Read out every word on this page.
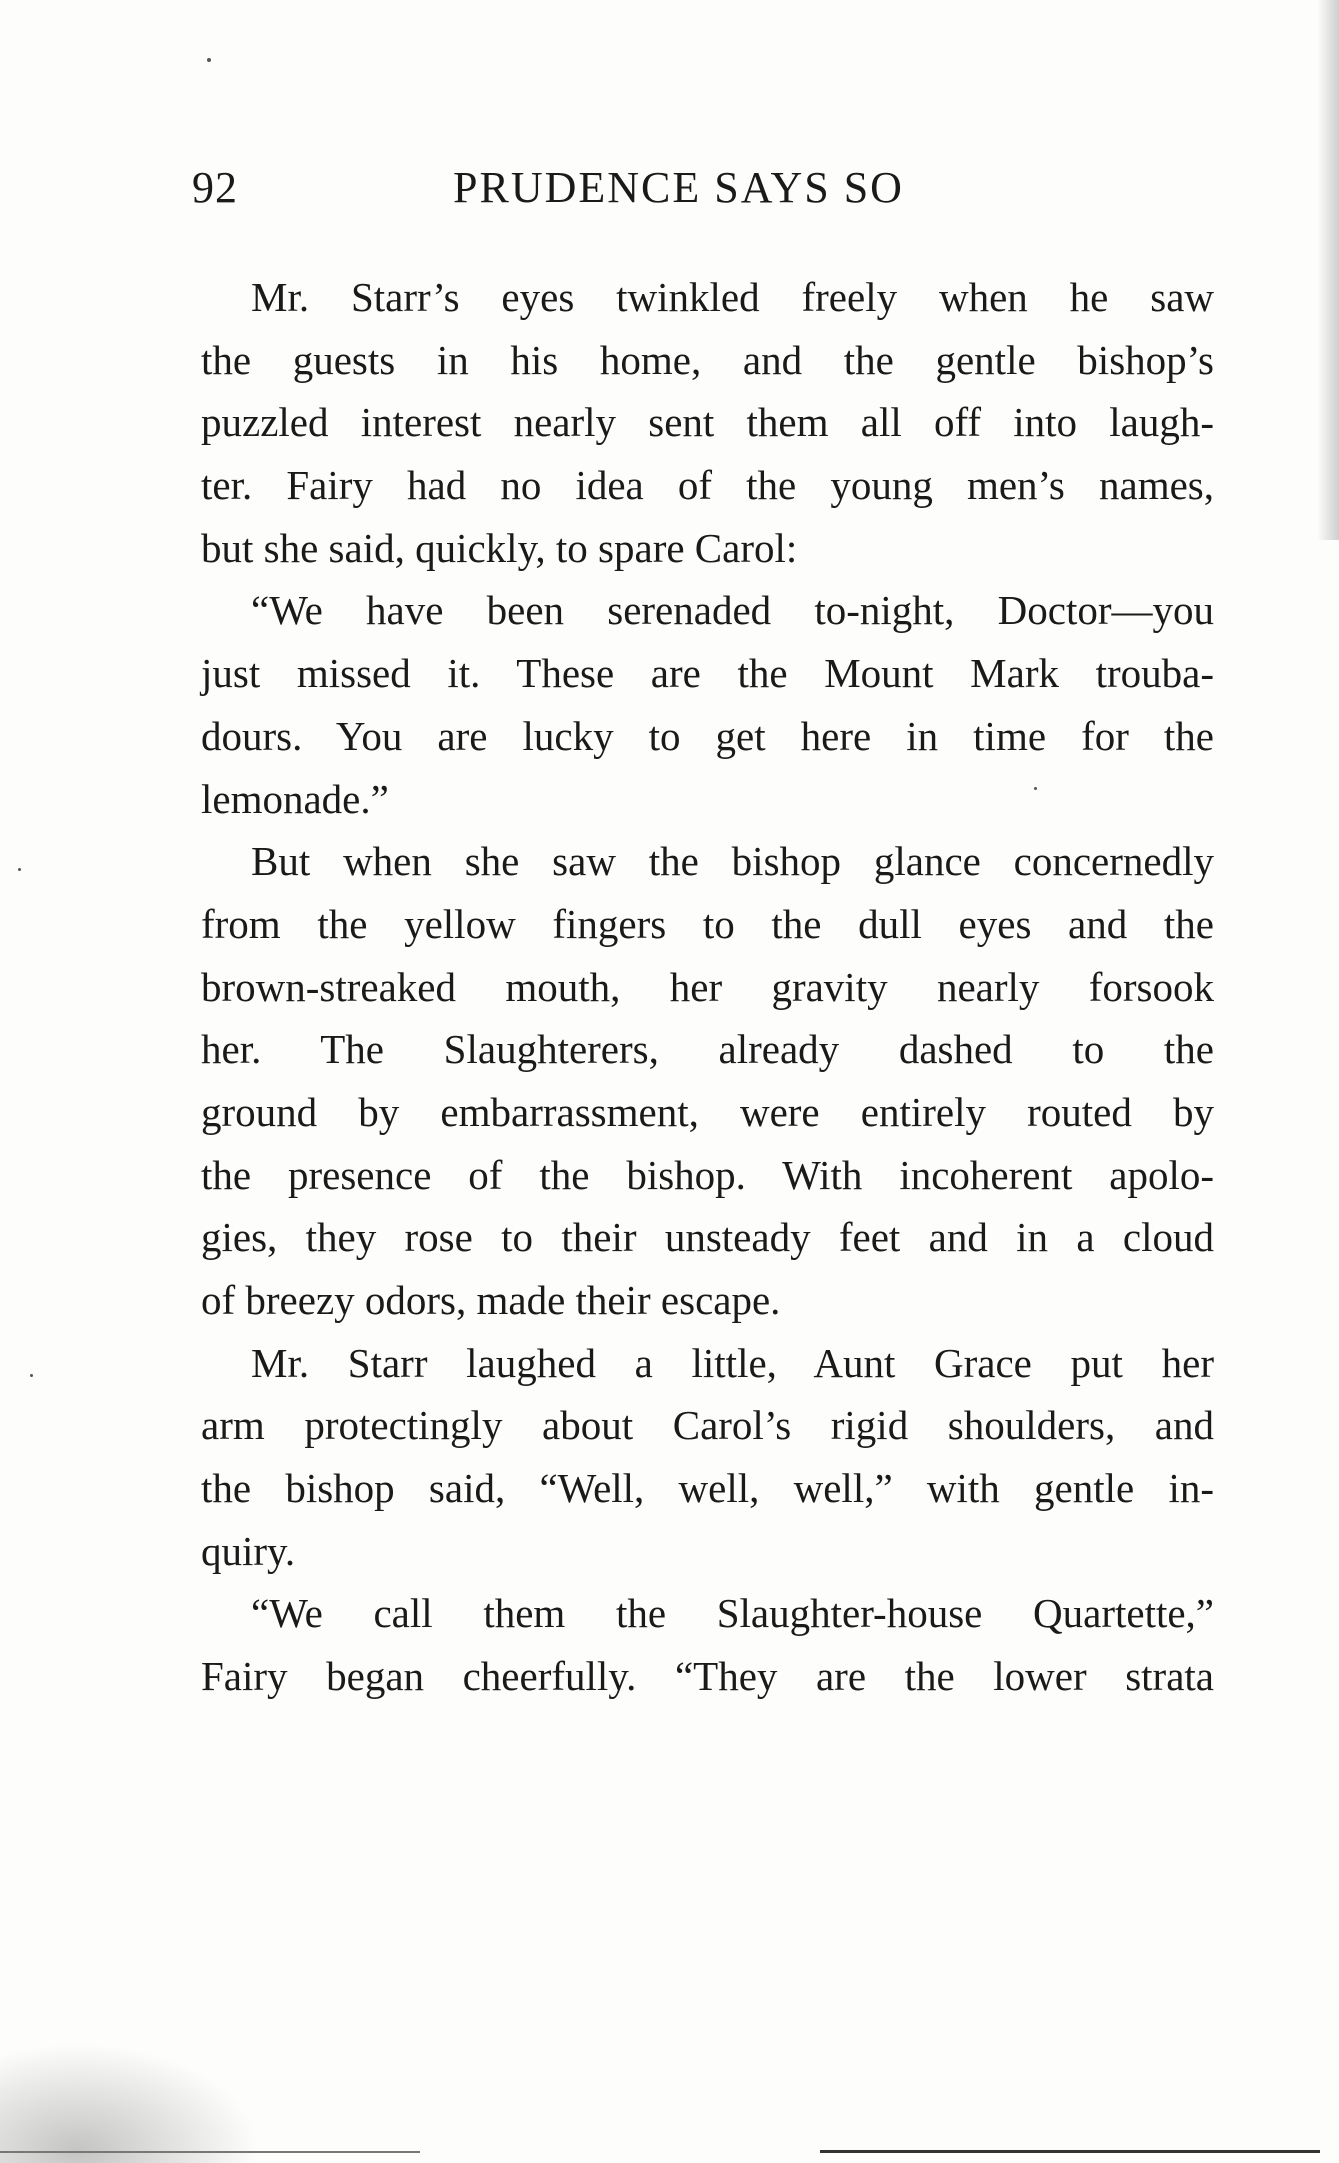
92	PRUDENCE SAYS SO
Mr. Starr’s eyes twinkled freely when he saw
the guests in his home, and the gentle bishop’s
puzzled interest nearly sent them all off into laugh-
ter. Fairy had no idea of the young men’s names,
but she said, quickly, to spare Carol:
“We have been serenaded to-night, Doctor—you
just missed it. These are the Mount Mark trouba-
dours. You are lucky to get here in time for the
lemonade.”
But when she saw the bishop glance concernedly
from the yellow fingers to the dull eyes and the
brown-streaked mouth, her gravity nearly forsook
her. The Slaughterers, already dashed to the
ground by embarrassment, were entirely routed by
the presence of the bishop. With incoherent apolo-
gies, they rose to their unsteady feet and in a cloud
of breezy odors, made their escape.
Mr. Starr laughed a little, Aunt Grace put her
arm protectingly about Carol’s rigid shoulders, and
the bishop said, “Well, well, well,” with gentle in-
quiry.
“We call them the Slaughter-house Quartette,”
Fairy began cheerfully. “They are the lower strata
